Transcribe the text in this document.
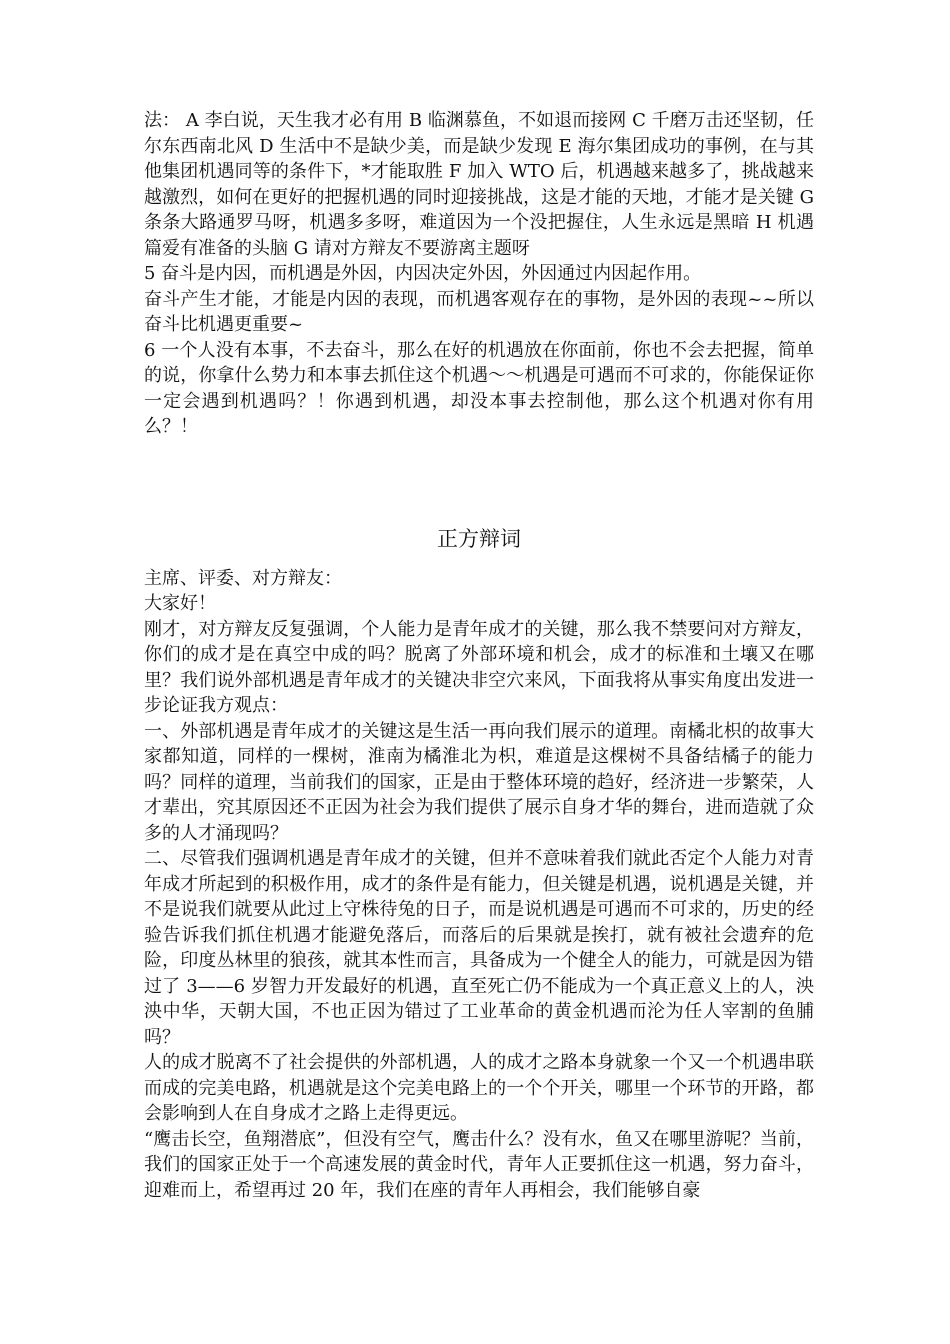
法： A 李白说，天生我才必有用 B 临渊慕鱼，不如退而接网 C 千磨万击还坚韧，任尔东西南北风 D 生活中不是缺少美，而是缺少发现 E 海尔集团成功的事例，在与其他集团机遇同等的条件下，*才能取胜 F 加入 WTO 后，机遇越来越多了，挑战越来越激烈，如何在更好的把握机遇的同时迎接挑战，这是才能的天地，才能才是关键 G 条条大路通罗马呀，机遇多多呀，难道因为一个没把握住，人生永远是黑暗 H 机遇篇爱有准备的头脑 G 请对方辩友不要游离主题呀

5 奋斗是内因，而机遇是外因，内因决定外因，外因通过内因起作用。

奋斗产生才能，才能是内因的表现，而机遇客观存在的事物，是外因的表现~~所以奋斗比机遇更重要~

6 一个人没有本事，不去奋斗，那么在好的机遇放在你面前，你也不会去把握，简单的说，你拿什么势力和本事去抓住这个机遇～～机遇是可遇而不可求的，你能保证你一定会遇到机遇吗？！你遇到机遇，却没本事去控制他，那么这个机遇对你有用么？！

正方辩词

主席、评委、对方辩友：

大家好！

刚才，对方辩友反复强调，个人能力是青年成才的关键，那么我不禁要问对方辩友，你们的成才是在真空中成的吗？脱离了外部环境和机会，成才的标准和土壤又在哪里？我们说外部机遇是青年成才的关键决非空穴来风，下面我将从事实角度出发进一步论证我方观点：

一、外部机遇是青年成才的关键这是生活一再向我们展示的道理。南橘北枳的故事大家都知道，同样的一棵树，淮南为橘淮北为枳，难道是这棵树不具备结橘子的能力吗？同样的道理，当前我们的国家，正是由于整体环境的趋好，经济进一步繁荣，人才辈出，究其原因还不正因为社会为我们提供了展示自身才华的舞台，进而造就了众多的人才涌现吗？

二、尽管我们强调机遇是青年成才的关键，但并不意味着我们就此否定个人能力对青年成才所起到的积极作用，成才的条件是有能力，但关键是机遇，说机遇是关键，并不是说我们就要从此过上守株待兔的日子，而是说机遇是可遇而不可求的，历史的经验告诉我们抓住机遇才能避免落后，而落后的后果就是挨打，就有被社会遗弃的危险，印度丛林里的狼孩，就其本性而言，具备成为一个健全人的能力，可就是因为错过了 3——6 岁智力开发最好的机遇，直至死亡仍不能成为一个真正意义上的人，泱泱中华，天朝大国，不也正因为错过了工业革命的黄金机遇而沦为任人宰割的鱼脯吗？

人的成才脱离不了社会提供的外部机遇，人的成才之路本身就象一个又一个机遇串联而成的完美电路，机遇就是这个完美电路上的一个个开关，哪里一个环节的开路，都会影响到人在自身成才之路上走得更远。

“鹰击长空，鱼翔潜底”，但没有空气，鹰击什么？没有水，鱼又在哪里游呢？当前，我们的国家正处于一个高速发展的黄金时代，青年人正要抓住这一机遇，努力奋斗，迎难而上，希望再过 20 年，我们在座的青年人再相会，我们能够自豪
